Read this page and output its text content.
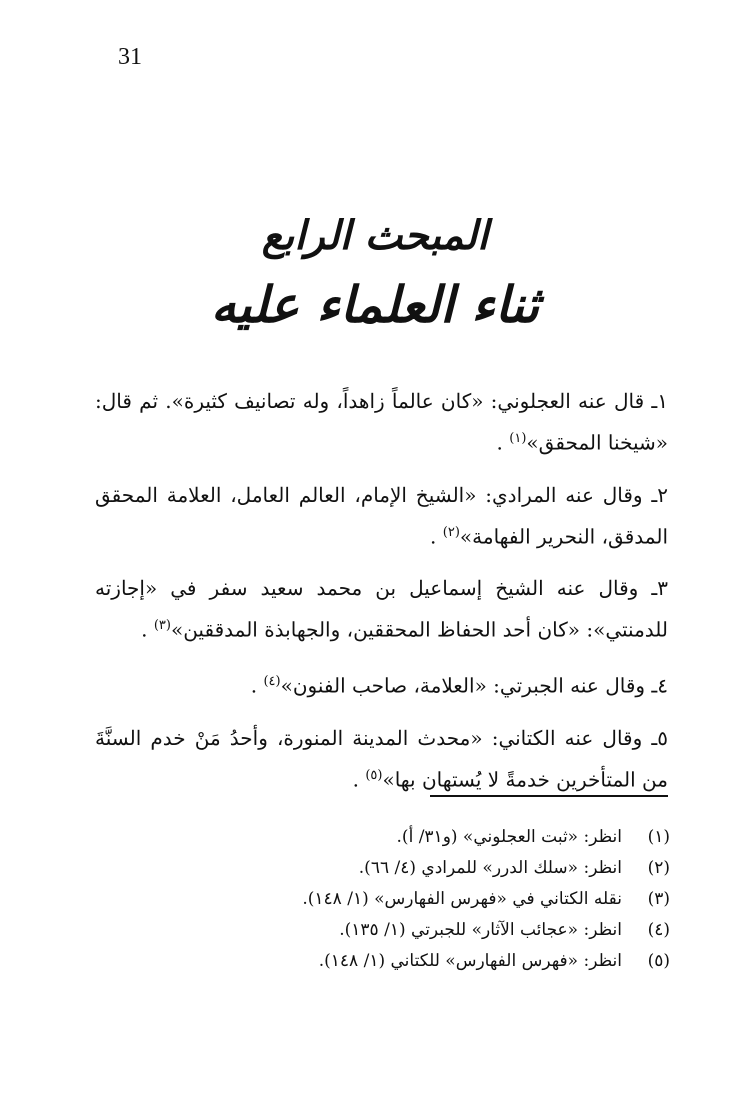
31
المبحث الرابع
ثناء العلماء عليه

١ـ قال عنه العجلوني: «كان عالماً زاهداً، وله تصانيف كثيرة». ثم قال: «شيخنا المحقق»$^{(١)}$ .

٢ـ وقال عنه المرادي: «الشيخ الإمام، العالم العامل، العلامة المحقق المدقق، النحرير الفهامة»$^{(٢)}$ .

٣ـ وقال عنه الشيخ إسماعيل بن محمد سعيد سفر في «إجازته للدمنتي»: «كان أحد الحفاظ المحققين، والجهابذة المدققين»$^{(٣)}$ .

٤ـ وقال عنه الجبرتي: «العلامة، صاحب الفنون»$^{(٤)}$ .

٥ـ وقال عنه الكتاني: «محدث المدينة المنورة، وأحدُ مَنْ خدم السنَّةَ من المتأخرين خدمةً لا يُستهان بها»$^{(٥)}$ .

(١)
انظر: «ثبت العجلوني» (و٣١/ أ).
(٢)
انظر: «سلك الدرر» للمرادي (٤/ ٦٦).
(٣)
نقله الكتاني في «فهرس الفهارس» (١/ ١٤٨).
(٤)
انظر: «عجائب الآثار» للجبرتي (١/ ١٣٥).
(٥)
انظر: «فهرس الفهارس» للكتاني (١/ ١٤٨).
